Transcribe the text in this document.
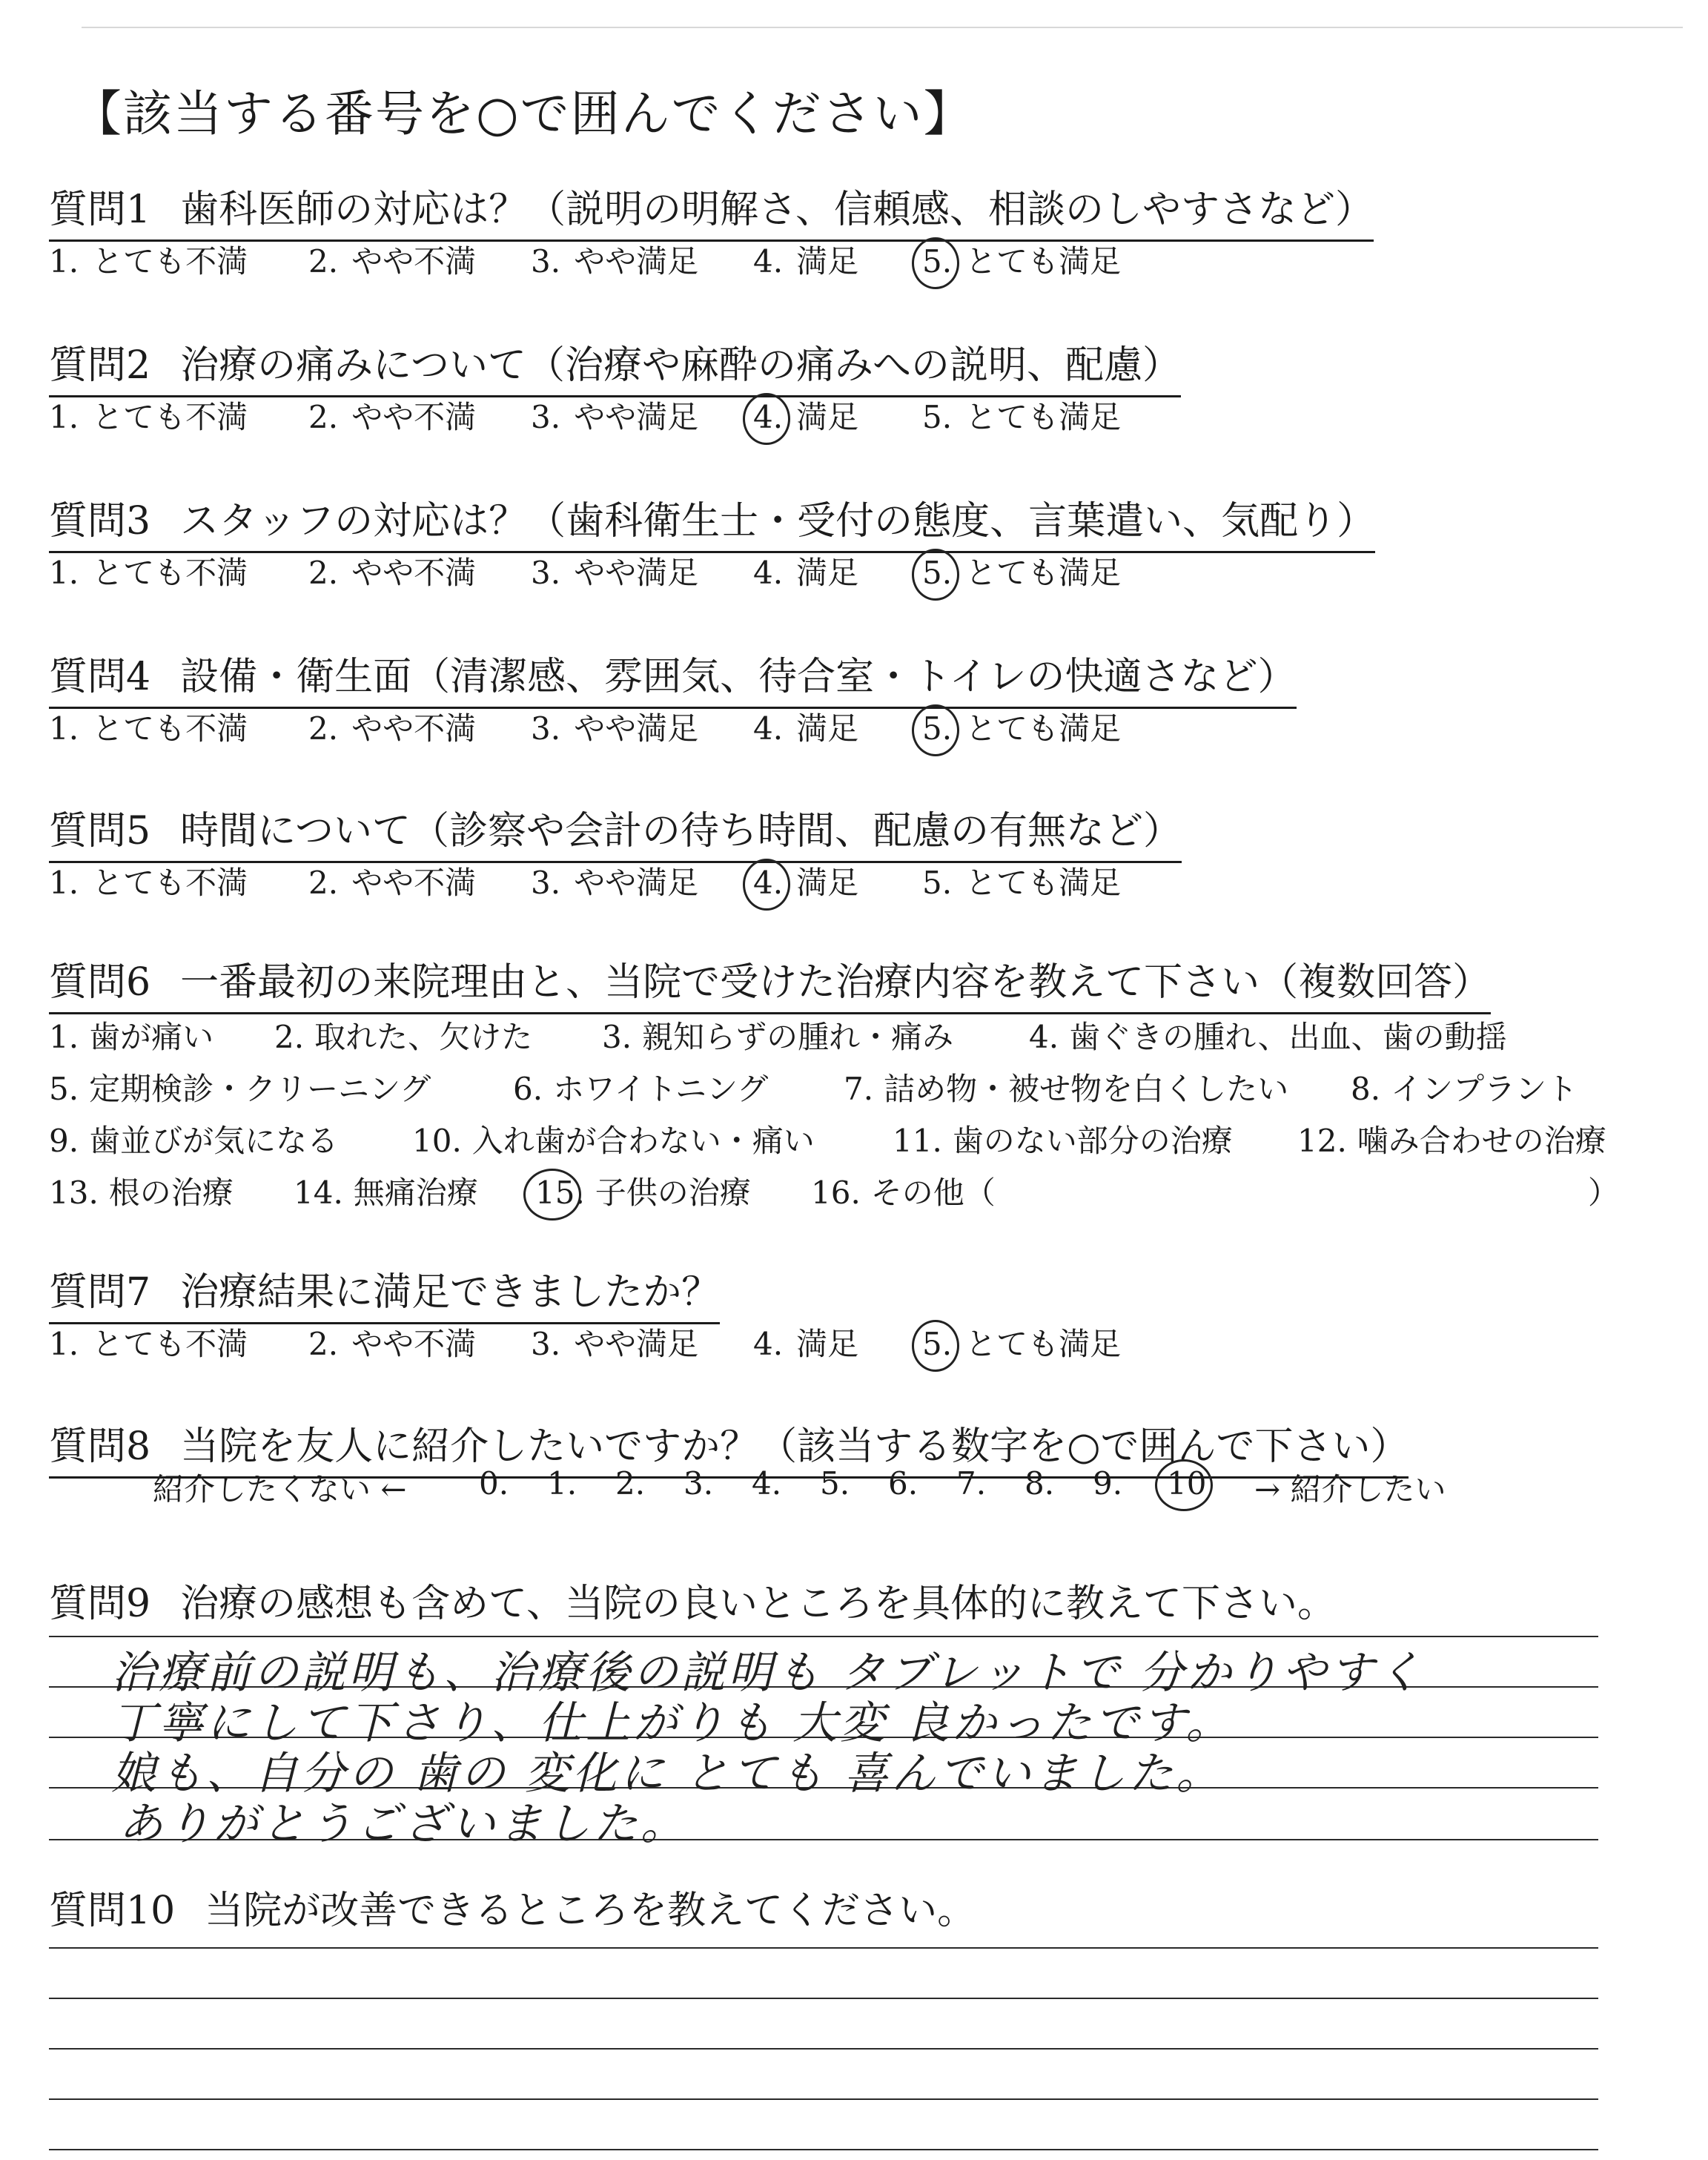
【該当する番号を○で囲んでください】
質問1 歯科医師の対応は？（説明の明解さ、信頼感、相談のしやすさなど）
1. とても不満 2. やや不満 3. やや満足 4. 満足 5. とても満足
質問2 治療の痛みについて（治療や麻酔の痛みへの説明、配慮）
1. とても不満 2. やや不満 3. やや満足 4. 満足 5. とても満足
質問3 スタッフの対応は？（歯科衛生士・受付の態度、言葉遣い、気配り）
1. とても不満 2. やや不満 3. やや満足 4. 満足 5. とても満足
質問4 設備・衛生面（清潔感、雰囲気、待合室・トイレの快適さなど）
1. とても不満 2. やや不満 3. やや満足 4. 満足 5. とても満足
質問5 時間について（診察や会計の待ち時間、配慮の有無など）
1. とても不満 2. やや不満 3. やや満足 4. 満足 5. とても満足
質問6 一番最初の来院理由と、当院で受けた治療内容を教えて下さい（複数回答）
1. 歯が痛い 2. 取れた、欠けた 3. 親知らずの腫れ・痛み 4. 歯ぐきの腫れ、出血、歯の動揺
5. 定期検診・クリーニング	6. ホワイトニング 7. 詰め物・被せ物を白くしたい 8. インプラント
9. 歯並びが気になる 10. 入れ歯が合わない・痛い	11. 歯のない部分の治療 12. 噛み合わせの治療
13. 根の治療 14. 無痛治療 15. 子供の治療 16. その他（	）
質問7 治療結果に満足できましたか？
1. とても不満 2. やや不満 3. やや満足 4. 満足 5. とても満足
質問8 当院を友人に紹介したいですか？（該当する数字を○で囲んで下さい）
紹介したくない ← 0. 1. 2. 3. 4. 5. 6. 7. 8. 9. 10 → 紹介したい
質問9 治療の感想も含めて、当院の良いところを具体的に教えて下さい。
治療前の説明も、治療後の説明も タブレットで 分かりやすく
丁寧にして下さり、仕上がりも 大変 良かったです。
娘も、自分の 歯の 変化に とても 喜んでいました。
ありがとうございました。
質問10 当院が改善できるところを教えてください。
